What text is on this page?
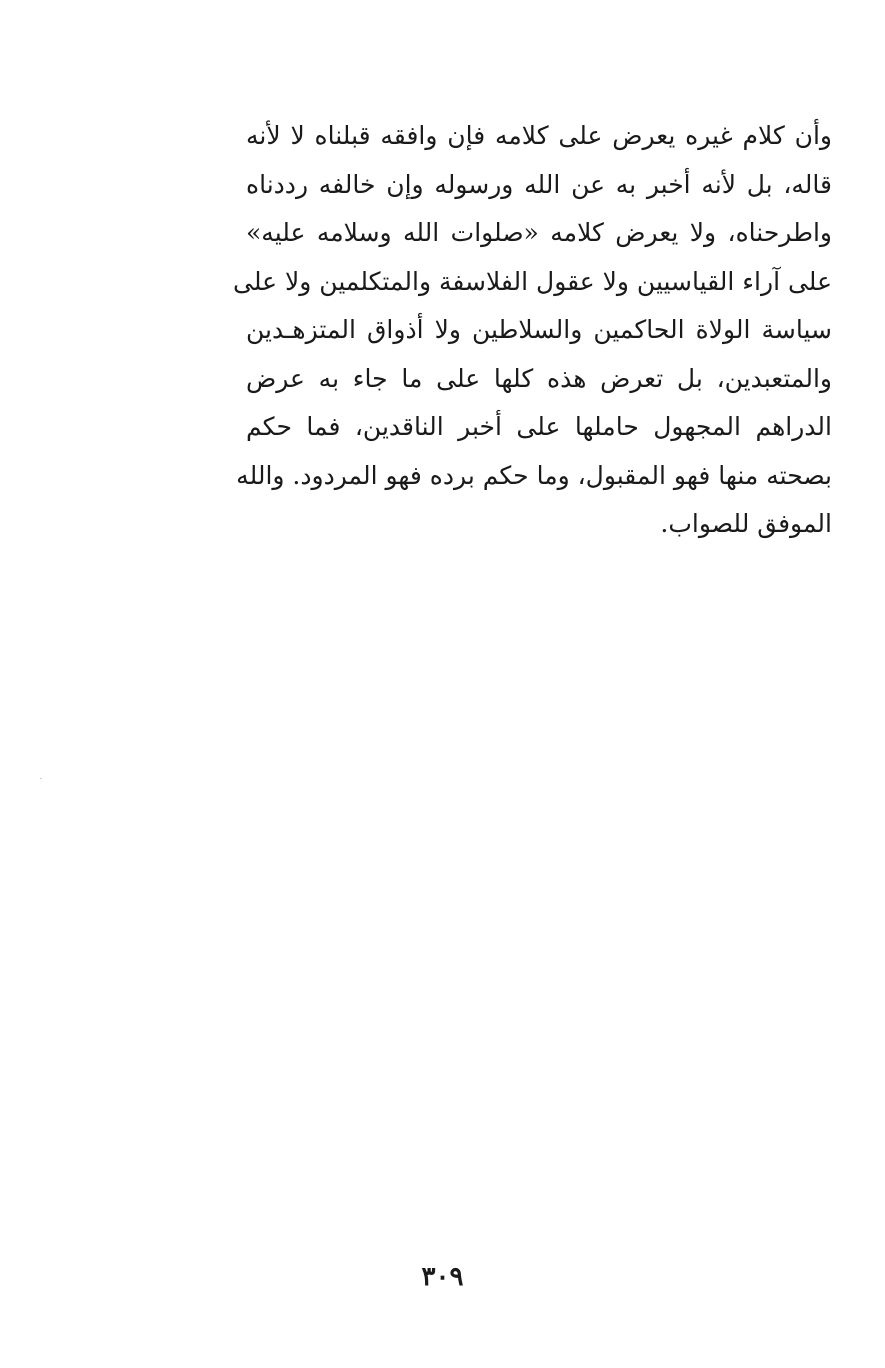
وأن كلام غيره يعرض على كلامه فإن وافقه قبلناه لا لأنه
قاله، بل لأنه أخبر به عن الله ورسوله وإن خالفه رددناه
واطرحناه، ولا يعرض كلامه «صلوات الله وسلامه عليه»
على آراء القياسيين ولا عقول الفلاسفة والمتكلمين ولا على
سياسة الولاة الحاكمين والسلاطين ولا أذواق المتزهـدين
والمتعبدين، بل تعرض هذه كلها على ما جاء به عرض
الدراهم المجهول حاملها على أخبر الناقدين، فما حكم
بصحته منها فهو المقبول، وما حكم برده فهو المردود. والله
الموفق للصواب.
٣٠٩
